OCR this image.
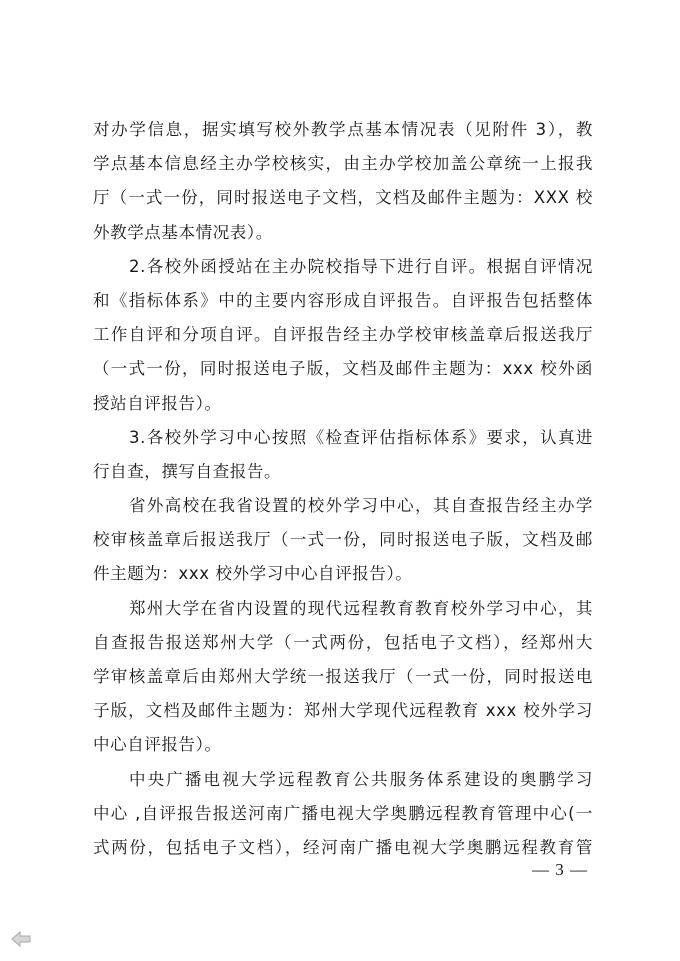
对办学信息，据实填写校外教学点基本情况表（见附件 3），教
学点基本信息经主办学校核实，由主办学校加盖公章统一上报我
厅（一式一份，同时报送电子文档，文档及邮件主题为：XXX 校
外教学点基本情况表）。
2.各校外函授站在主办院校指导下进行自评。根据自评情况
和《指标体系》中的主要内容形成自评报告。自评报告包括整体
工作自评和分项自评。自评报告经主办学校审核盖章后报送我厅
（一式一份，同时报送电子版，文档及邮件主题为：xxx 校外函
授站自评报告）。
3.各校外学习中心按照《检查评估指标体系》要求，认真进
行自查，撰写自查报告。
省外高校在我省设置的校外学习中心，其自查报告经主办学
校审核盖章后报送我厅（一式一份，同时报送电子版，文档及邮
件主题为：xxx 校外学习中心自评报告）。
郑州大学在省内设置的现代远程教育教育校外学习中心，其
自查报告报送郑州大学（一式两份，包括电子文档），经郑州大
学审核盖章后由郑州大学统一报送我厅（一式一份，同时报送电
子版，文档及邮件主题为：郑州大学现代远程教育 xxx 校外学习
中心自评报告）。
中央广播电视大学远程教育公共服务体系建设的奥鹏学习
中心 ,自评报告报送河南广播电视大学奥鹏远程教育管理中心(一
式两份，包括电子文档），经河南广播电视大学奥鹏远程教育管
— 3 —
